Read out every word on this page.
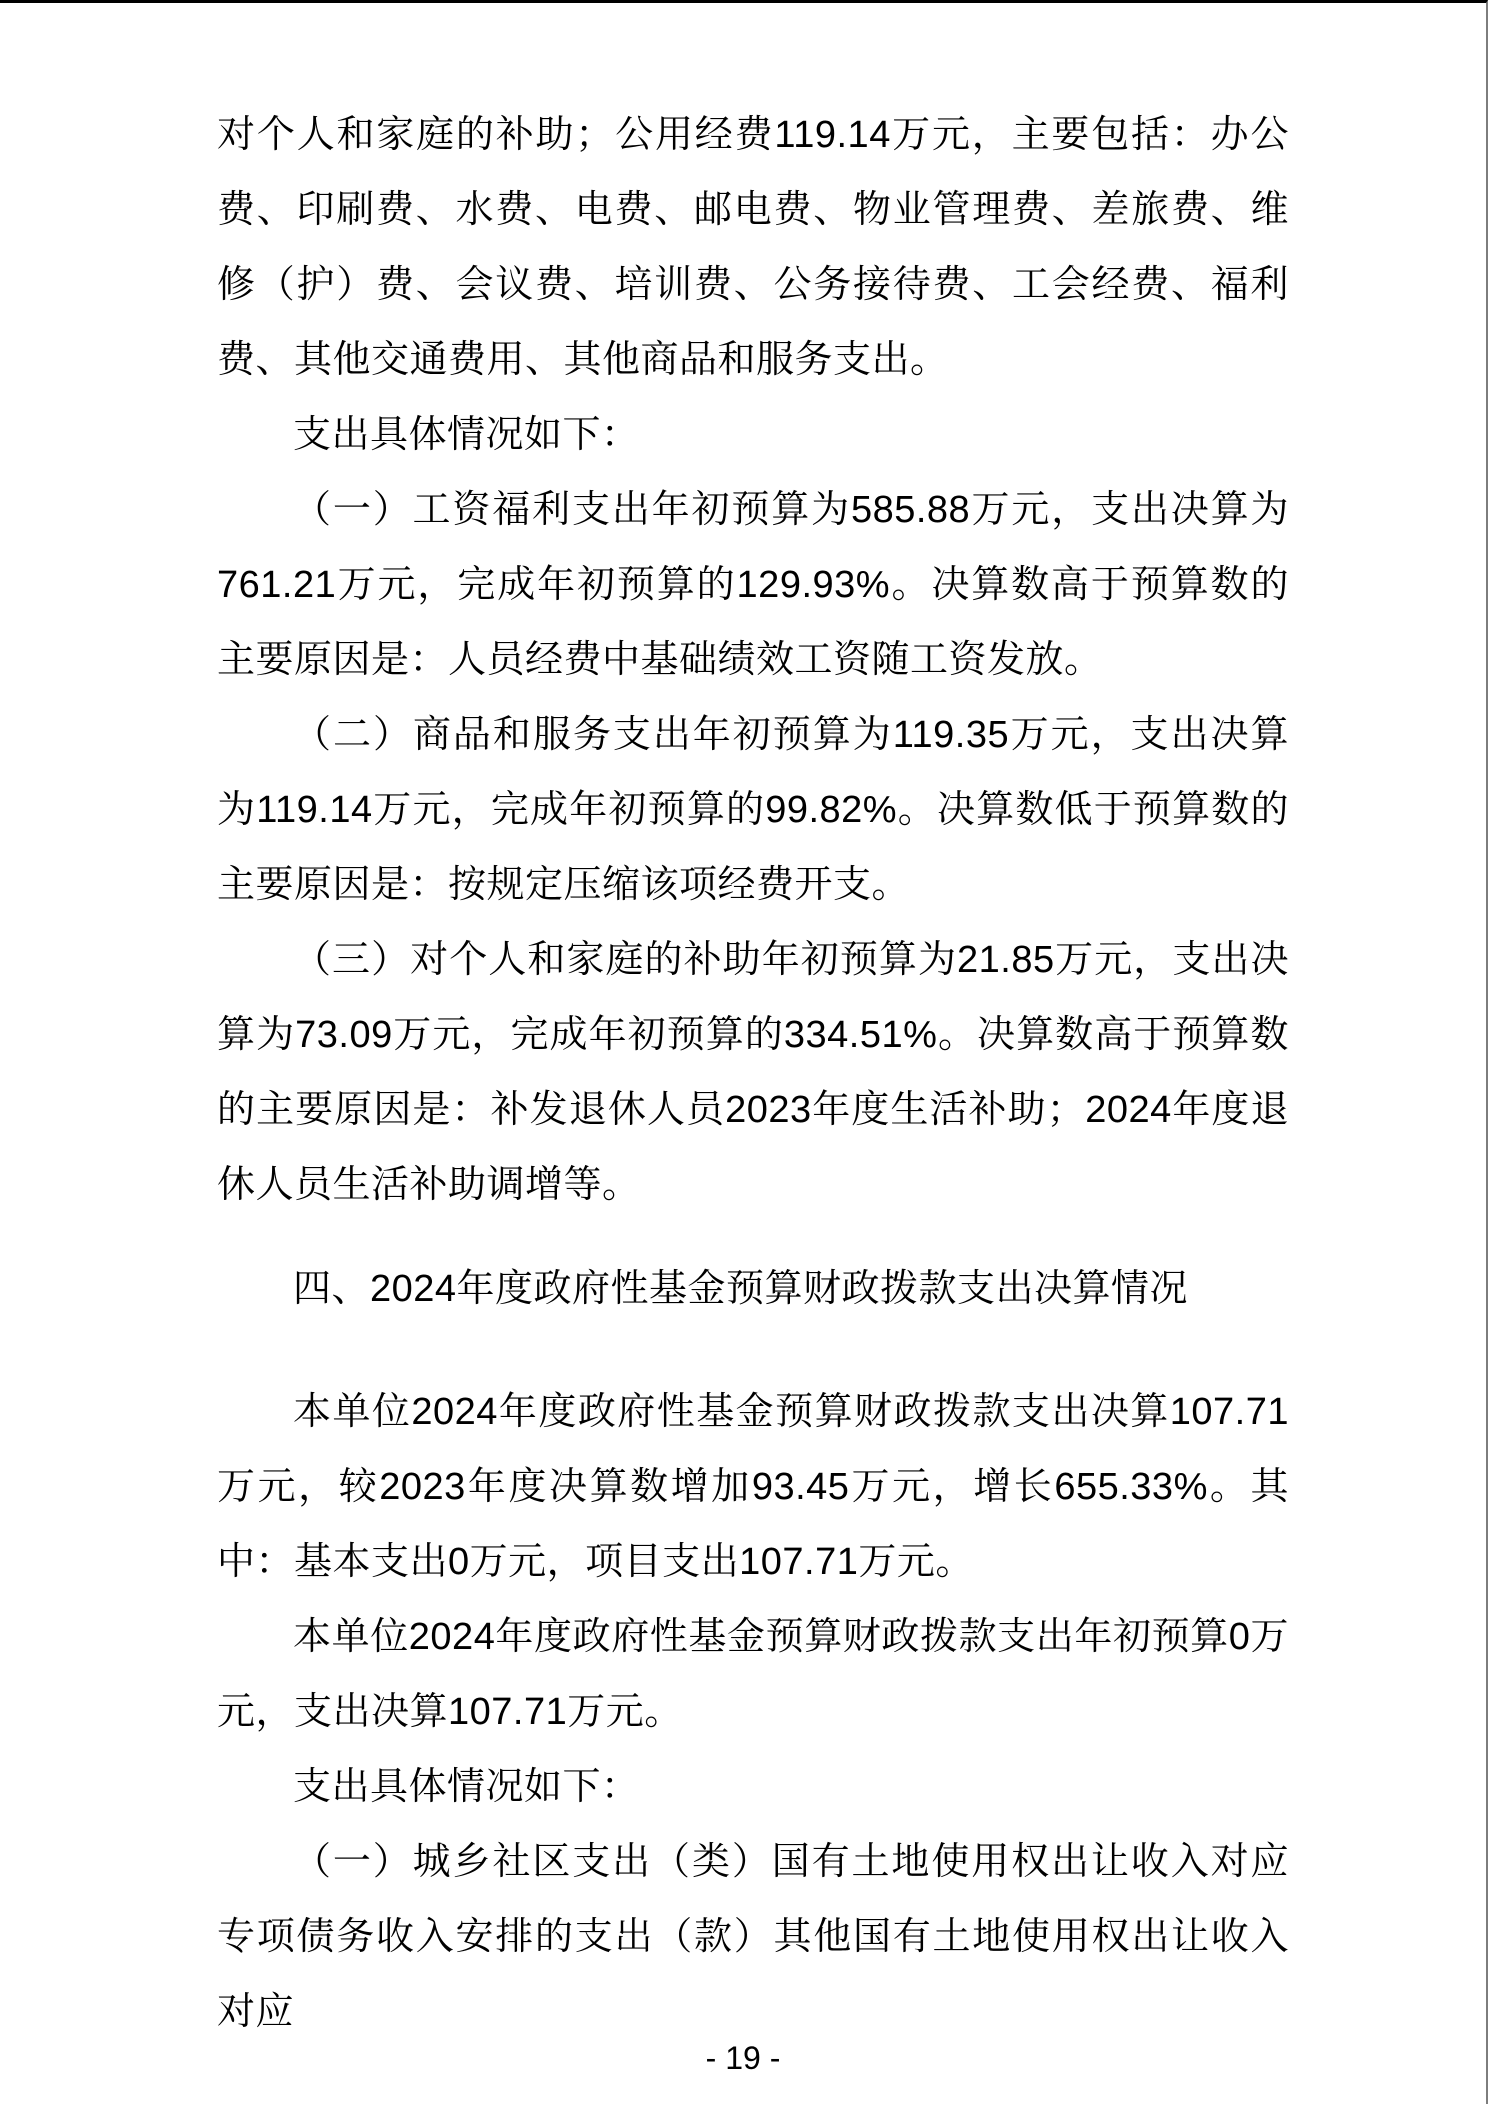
对个人和家庭的补助；公用经费119.14万元，主要包括：办公费、印刷费、水费、电费、邮电费、物业管理费、差旅费、维修（护）费、会议费、培训费、公务接待费、工会经费、福利费、其他交通费用、其他商品和服务支出。

支出具体情况如下：

（一）工资福利支出年初预算为585.88万元，支出决算为761.21万元，完成年初预算的129.93%。决算数高于预算数的主要原因是：人员经费中基础绩效工资随工资发放。

（二）商品和服务支出年初预算为119.35万元，支出决算为119.14万元，完成年初预算的99.82%。决算数低于预算数的主要原因是：按规定压缩该项经费开支。

（三）对个人和家庭的补助年初预算为21.85万元，支出决算为73.09万元，完成年初预算的334.51%。决算数高于预算数的主要原因是：补发退休人员2023年度生活补助；2024年度退休人员生活补助调增等。

四、2024年度政府性基金预算财政拨款支出决算情况

本单位2024年度政府性基金预算财政拨款支出决算107.71万元，较2023年度决算数增加93.45万元，增长655.33%。其中：基本支出0万元，项目支出107.71万元。

本单位2024年度政府性基金预算财政拨款支出年初预算0万元，支出决算107.71万元。

支出具体情况如下：

（一）城乡社区支出（类）国有土地使用权出让收入对应专项债务收入安排的支出（款）其他国有土地使用权出让收入对应

- 19 -
